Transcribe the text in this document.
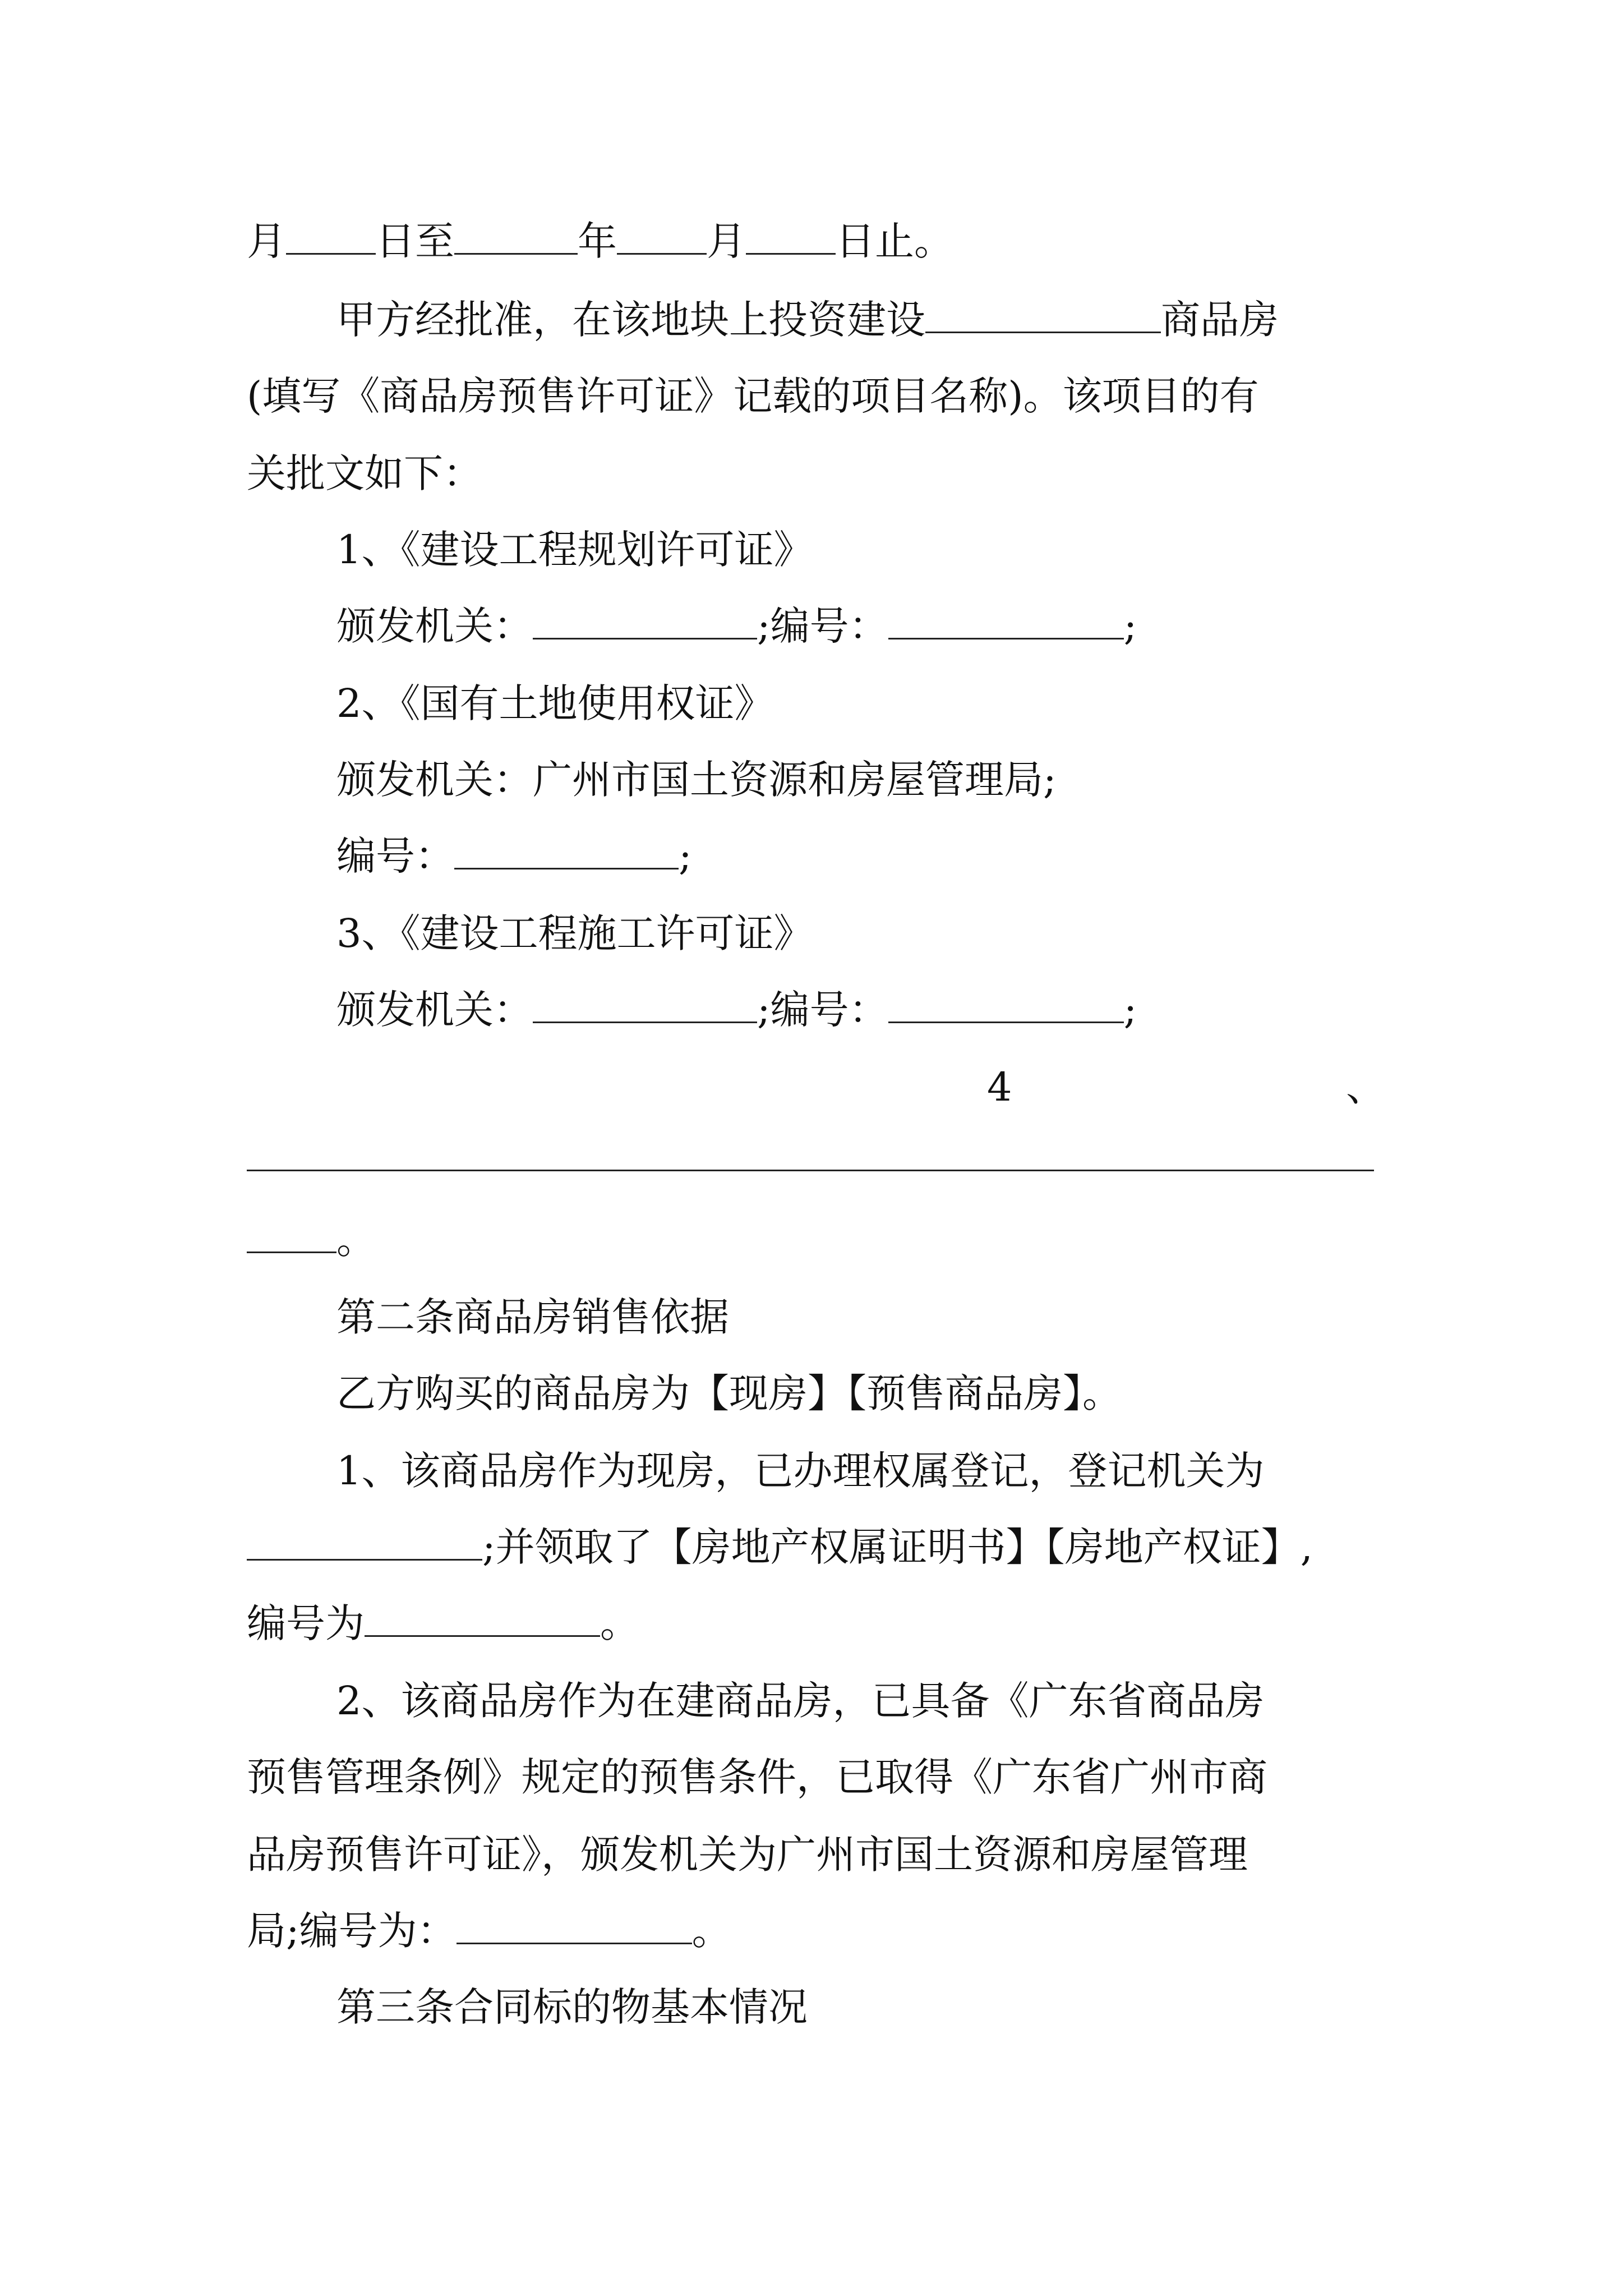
月 日至	年 月 日止。
甲方经批准，在该地块上投资建设	商品房
(填写《商品房预售许可证》记载的项目名称)。该项目的有
关批文如下：
1、《建设工程规划许可证》
颁发机关：	;编号：	;
2、《国有土地使用权证》
颁发机关：广州市国土资源和房屋管理局;
编号：	;
3、《建设工程施工许可证》
颁发机关：	;编号：	;
4	、
。
第二条商品房销售依据
乙方购买的商品房为【现房】【预售商品房】。
1、该商品房作为现房，已办理权属登记，登记机关为
;并领取了【房地产权属证明书】【房地产权证】,
编号为	。
2、该商品房作为在建商品房，已具备《广东省商品房
预售管理条例》规定的预售条件，已取得《广东省广州市商
品房预售许可证》，颁发机关为广州市国土资源和房屋管理
局;编号为：	。
第三条合同标的物基本情况
